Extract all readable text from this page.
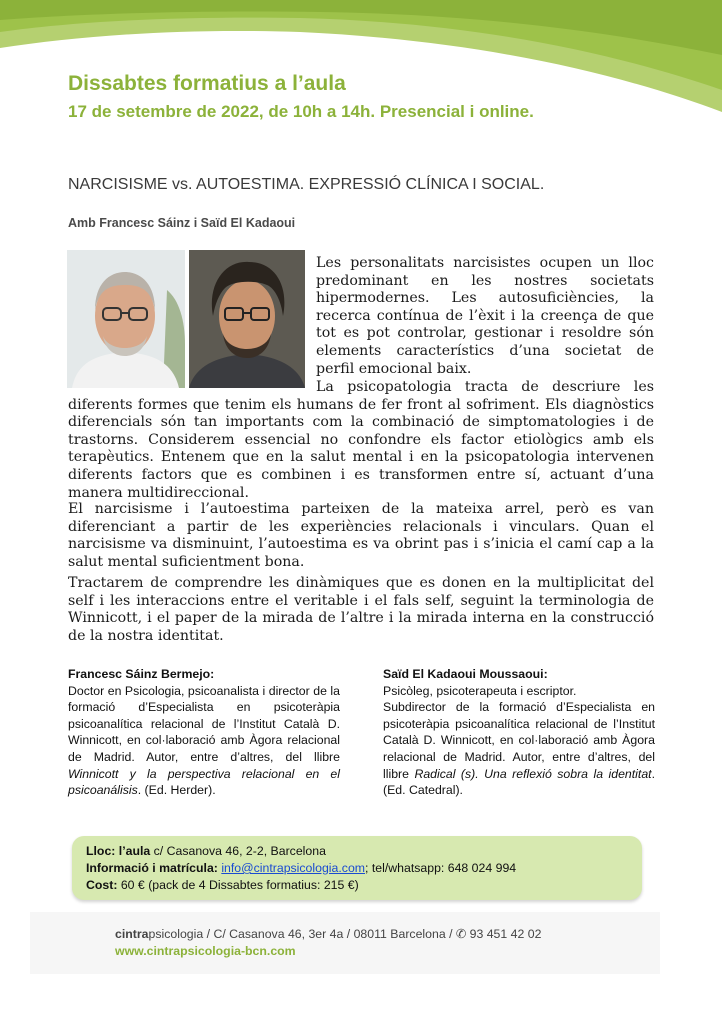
Dissabtes formatius a l’aula
17 de setembre de 2022, de 10h a 14h. Presencial i online.
NARCISISME vs. AUTOESTIMA. EXPRESSIÓ CLÍNICA I SOCIAL.
Amb Francesc Sáinz i Saïd El Kadaoui
Les personalitats narcisistes ocupen un lloc predominant en les nostres societats hipermodernes. Les autosuficiències, la recerca contínua de l’èxit i la creença de que tot es pot controlar, gestionar i resoldre són elements característics d’una societat de perfil emocional baix.
La psicopatologia tracta de descriure les diferents formes que tenim els humans de fer front al sofriment. Els diagnòstics diferencials són tan importants com la combinació de simptomatologies i de trastorns. Considerem essencial no confondre els factor etiològics amb els terapèutics. Entenem que en la salut mental i en la psicopatologia intervenen diferents factors que es combinen i es transformen entre sí, actuant d’una manera multidireccional.
El narcisisme i l’autoestima parteixen de la mateixa arrel, però es van diferenciant a partir de les experiències relacionals i vinculars. Quan el narcisisme va disminuint, l’autoestima es va obrint pas i s’inicia el camí cap a la salut mental suficientment bona.
Tractarem de comprendre les dinàmiques que es donen en la multiplicitat del self i les interaccions entre el veritable i el fals self, seguint la terminologia de Winnicott, i el paper de la mirada de l’altre i la mirada interna en la construcció de la nostra identitat.
Francesc Sáinz Bermejo:
Doctor en Psicologia, psicoanalista i director de la formació d’Especialista en psicoteràpia psicoanalítica relacional de l’Institut Català D. Winnicott, en col·laboració amb Àgora relacional de Madrid. Autor, entre d’altres, del llibre Winnicott y la perspectiva relacional en el psicoanálisis. (Ed. Herder).
Saïd El Kadaoui Moussaoui:
Psicòleg, psicoterapeuta i escriptor.
Subdirector de la formació d’Especialista en psicoteràpia psicoanalítica relacional de l’Institut Català D. Winnicott, en col·laboració amb Àgora relacional de Madrid. Autor, entre d’altres, del llibre Radical (s). Una reflexió sobra la identitat. (Ed. Catedral).
Lloc: l’aula c/ Casanova 46, 2-2, Barcelona
Informació i matrícula: info@cintrapsicologia.com; tel/whatsapp: 648 024 994
Cost: 60 € (pack de 4 Dissabtes formatius: 215 €)
cintrapsicologia / C/ Casanova 46, 3er 4a / 08011 Barcelona / ✆ 93 451 42 02
www.cintrapsicologia-bcn.com
